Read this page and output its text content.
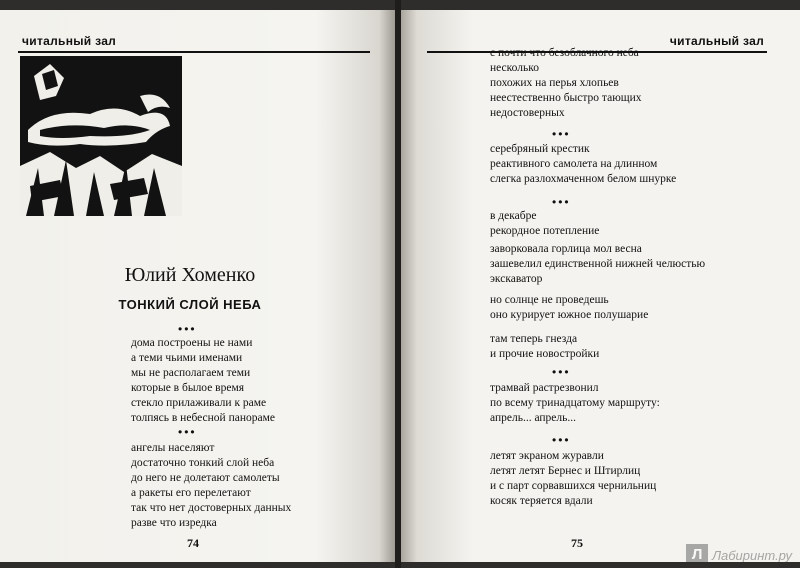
читальный зал
Юлий Хоменко
ТОНКИЙ СЛОЙ НЕБА
•••
дома построены не нами
а теми чьими именами
мы не располагаем теми
которые в былое время
стекло прилаживали к раме
толпясь в небесной панораме
•••
ангелы населяют
достаточно тонкий слой неба
до него не долетают самолеты
а ракеты его перелетают
так что нет достоверных данных
разве что изредка
74
читальный зал
с почти что безоблачного неба
несколько
похожих на перья хлопьев
неестественно быстро тающих
недостоверных
•••
серебряный крестик
реактивного самолета на длинном
слегка разлохмаченном белом шнурке
•••
в декабре
рекордное потепление
заворковала горлица мол весна
зашевелил единственной нижней челюстью
экскаватор
но солнце не проведешь
оно курирует южное полушарие
там теперь гнезда
и прочие новостройки
•••
трамвай растрезвонил
по всему тринадцатому маршруту:
апрель... апрель...
•••
летят экраном журавли
летят летят Бернес и Штирлиц
и с парт сорвавшихся чернильниц
косяк теряется вдали
75
Л Лабиринт.ру
